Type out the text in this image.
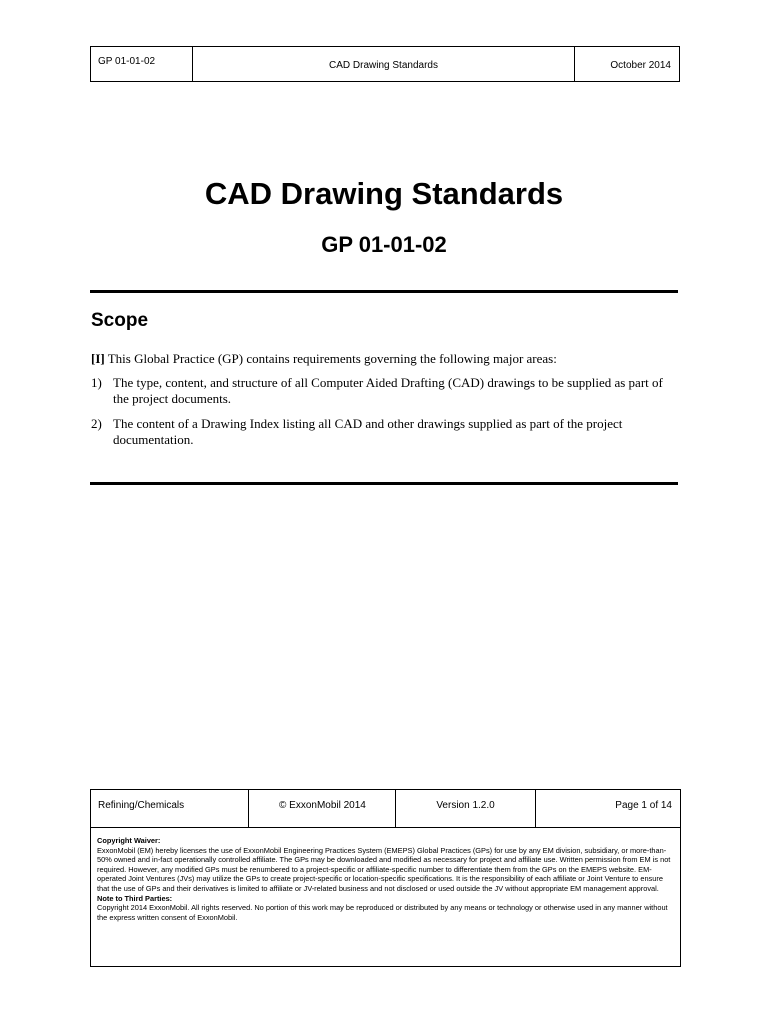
GP 01-01-02	CAD Drawing Standards	October 2014
CAD Drawing Standards
GP 01-01-02
Scope

[I] This Global Practice (GP) contains requirements governing the following major areas:

1) The type, content, and structure of all Computer Aided Drafting (CAD) drawings to be supplied as part of the project documents.
2) The content of a Drawing Index listing all CAD and other drawings supplied as part of the project documentation.
Refining/Chemicals	© ExxonMobil 2014	Version 1.2.0	Page 1 of 14

Copyright Waiver:

ExxonMobil (EM) hereby licenses the use of ExxonMobil Engineering Practices System (EMEPS) Global Practices (GPs) for use by any EM division, subsidiary, or more-than-50% owned and in-fact operationally controlled affiliate. The GPs may be downloaded and modified as necessary for project and affiliate use. Written permission from EM is not required. However, any modified GPs must be renumbered to a project-specific or affiliate-specific number to differentiate them from the GPs on the EMEPS website. EM-operated Joint Ventures (JVs) may utilize the GPs to create project-specific or location-specific specifications. It is the responsibility of each affiliate or Joint Venture to ensure that the use of GPs and their derivatives is limited to affiliate or JV-related business and not disclosed or used outside the JV without appropriate EM management approval.

Note to Third Parties:

Copyright 2014 ExxonMobil. All rights reserved. No portion of this work may be reproduced or distributed by any means or technology or otherwise used in any manner without the express written consent of ExxonMobil.
